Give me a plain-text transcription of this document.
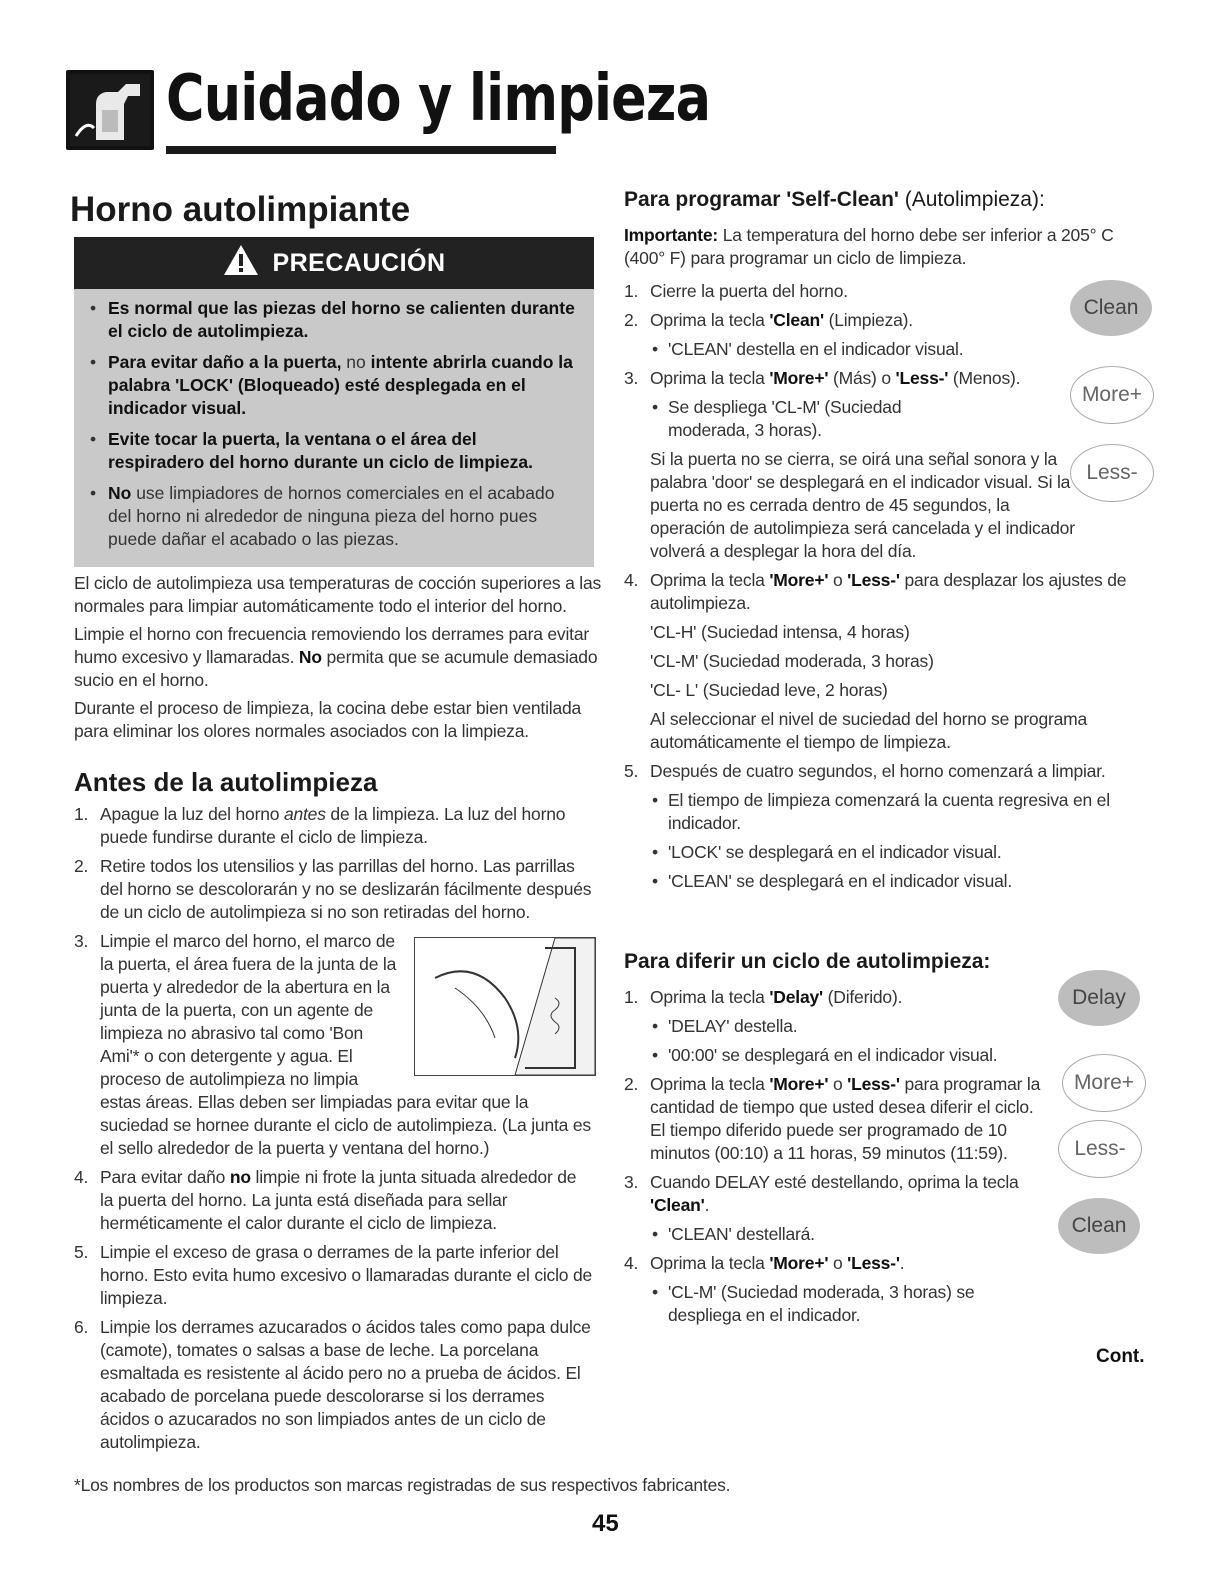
Cuidado y limpieza
Horno autolimpiante
PRECAUCIÓN
• Es normal que las piezas del horno se calienten durante el ciclo de autolimpieza.
• Para evitar daño a la puerta, no intente abrirla cuando la palabra 'LOCK' (Bloqueado) esté desplegada en el indicador visual.
• Evite tocar la puerta, la ventana o el área del respiradero del horno durante un ciclo de limpieza.
• No use limpiadores de hornos comerciales en el acabado del horno ni alrededor de ninguna pieza del horno pues puede dañar el acabado o las piezas.
El ciclo de autolimpieza usa temperaturas de cocción superiores a las normales para limpiar automáticamente todo el interior del horno.
Limpie el horno con frecuencia removiendo los derrames para evitar humo excesivo y llamaradas. No permita que se acumule demasiado sucio en el horno.
Durante el proceso de limpieza, la cocina debe estar bien ventilada para eliminar los olores normales asociados con la limpieza.
Antes de la autolimpieza
1. Apague la luz del horno antes de la limpieza. La luz del horno puede fundirse durante el ciclo de limpieza.
2. Retire todos los utensilios y las parrillas del horno. Las parrillas del horno se descolorarán y no se deslizarán fácilmente después de un ciclo de autolimpieza si no son retiradas del horno.
3. Limpie el marco del horno, el marco de
la puerta, el área fuera de la junta de la
puerta y alrededor de la abertura en la
junta de la puerta, con un agente de
limpieza no abrasivo tal como 'Bon
Ami'* o con detergente y agua. El
proceso de autolimpieza no limpia
estas áreas. Ellas deben ser limpiadas para evitar que la suciedad se hornee durante el ciclo de autolimpieza. (La junta es el sello alrededor de la puerta y ventana del horno.)
4. Para evitar daño no limpie ni frote la junta situada alrededor de la puerta del horno. La junta está diseñada para sellar herméticamente el calor durante el ciclo de limpieza.
5. Limpie el exceso de grasa o derrames de la parte inferior del horno. Esto evita humo excesivo o llamaradas durante el ciclo de limpieza.
6. Limpie los derrames azucarados o ácidos tales como papa dulce (camote), tomates o salsas a base de leche. La porcelana esmaltada es resistente al ácido pero no a prueba de ácidos. El acabado de porcelana puede descolorarse si los derrames ácidos o azucarados no son limpiados antes de un ciclo de autolimpieza.
Para programar 'Self-Clean' (Autolimpieza):
Importante: La temperatura del horno debe ser inferior a 205° C (400° F) para programar un ciclo de limpieza.
1. Cierre la puerta del horno.
2. Oprima la tecla 'Clean' (Limpieza).
• 'CLEAN' destella en el indicador visual.
3. Oprima la tecla 'More+' (Más) o 'Less-' (Menos).
• Se despliega 'CL-M' (Suciedad moderada, 3 horas).
Si la puerta no se cierra, se oirá una señal sonora y la palabra 'door' se desplegará en el indicador visual. Si la puerta no es cerrada dentro de 45 segundos, la operación de autolimpieza será cancelada y el indicador volverá a desplegar la hora del día.
4. Oprima la tecla 'More+' o 'Less-' para desplazar los ajustes de autolimpieza.
'CL-H' (Suciedad intensa, 4 horas)
'CL-M' (Suciedad moderada, 3 horas)
'CL- L' (Suciedad leve, 2 horas)
Al seleccionar el nivel de suciedad del horno se programa automáticamente el tiempo de limpieza.
5. Después de cuatro segundos, el horno comenzará a limpiar.
• El tiempo de limpieza comenzará la cuenta regresiva en el indicador.
• 'LOCK' se desplegará en el indicador visual.
• 'CLEAN' se desplegará en el indicador visual.
Para diferir un ciclo de autolimpieza:
1. Oprima la tecla 'Delay' (Diferido).
• 'DELAY' destella.
• '00:00' se desplegará en el indicador visual.
2. Oprima la tecla 'More+' o 'Less-' para programar la cantidad de tiempo que usted desea diferir el ciclo. El tiempo diferido puede ser programado de 10 minutos (00:10) a 11 horas, 59 minutos (11:59).
3. Cuando DELAY esté destellando, oprima la tecla 'Clean'.
• 'CLEAN' destellará.
4. Oprima la tecla 'More+' o 'Less-'.
• 'CL-M' (Suciedad moderada, 3 horas) se despliega en el indicador.
Cont.
Clean
More+
Less-
Delay
More+
Less-
Clean
*Los nombres de los productos son marcas registradas de sus respectivos fabricantes.
45
